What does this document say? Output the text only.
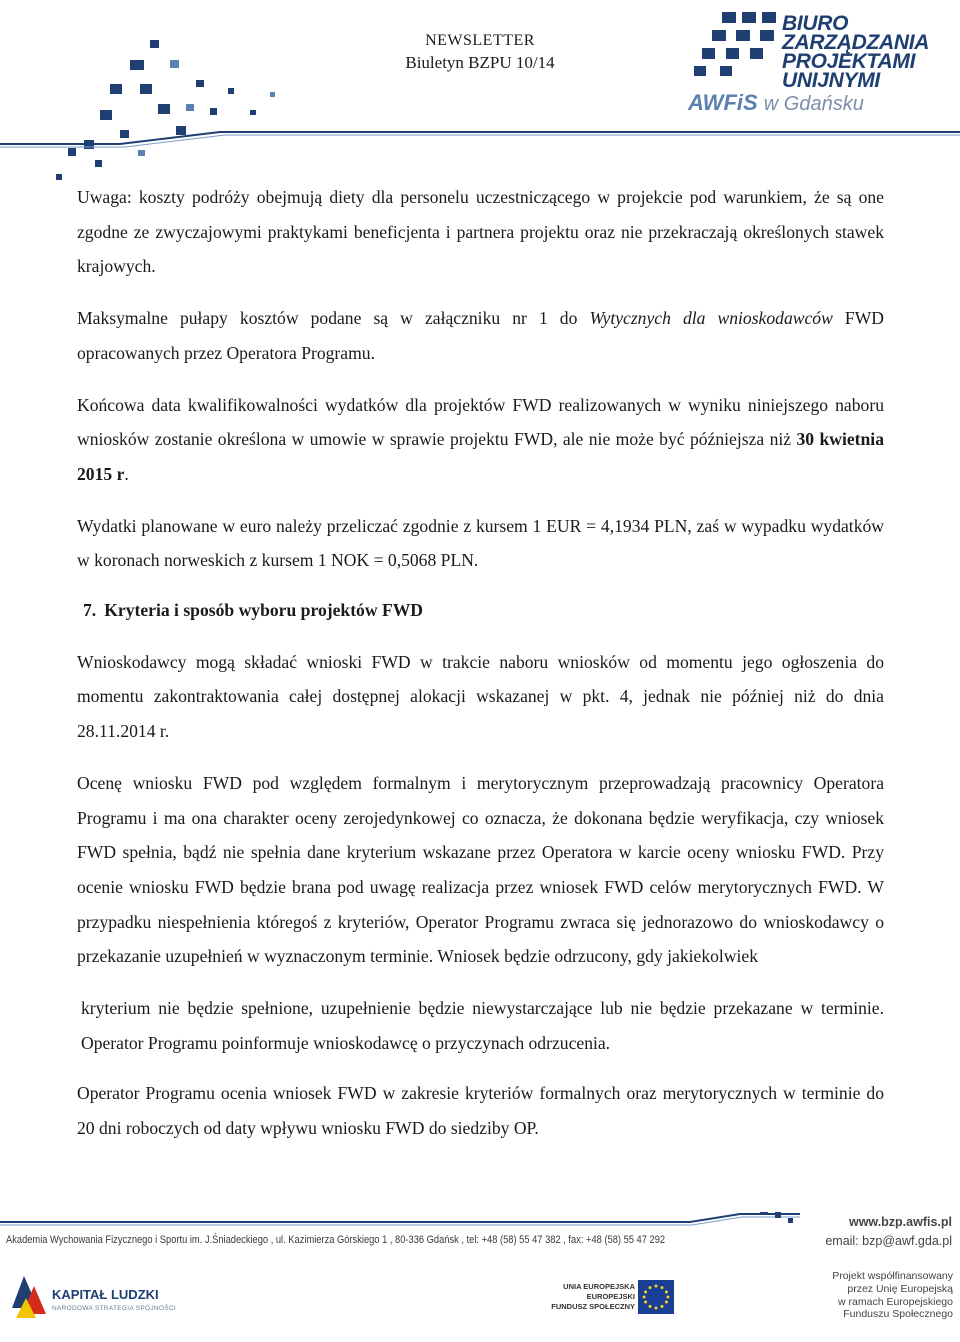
NEWSLETTER
Biuletyn BZPU 10/14
BIURO
ZARZĄDZANIA
PROJEKTAMI
UNIJNYMI
AWFiS w Gdańsku

Uwaga: koszty podróży obejmują diety dla personelu uczestniczącego w projekcie pod warunkiem, że są one zgodne ze zwyczajowymi praktykami beneficjenta i partnera projektu oraz nie przekraczają określonych stawek krajowych.

Maksymalne pułapy kosztów podane są w załączniku nr 1 do Wytycznych dla wnioskodawców FWD opracowanych przez Operatora Programu.

Końcowa data kwalifikowalności wydatków dla projektów FWD realizowanych w wyniku niniejszego naboru wniosków zostanie określona w umowie w sprawie projektu FWD, ale nie może być późniejsza niż 30 kwietnia 2015 r.

Wydatki planowane w euro należy przeliczać zgodnie z kursem 1 EUR = 4,1934 PLN, zaś w wypadku wydatków w koronach norweskich z kursem 1 NOK = 0,5068 PLN.

7. Kryteria i sposób wyboru projektów FWD

Wnioskodawcy mogą składać wnioski FWD w trakcie naboru wniosków od momentu jego ogłoszenia do momentu zakontraktowania całej dostępnej alokacji wskazanej w pkt. 4, jednak nie później niż do dnia 28.11.2014 r.

Ocenę wniosku FWD pod względem formalnym i merytorycznym przeprowadzają pracownicy Operatora Programu i ma ona charakter oceny zerojedynkowej co oznacza, że dokonana będzie weryfikacja, czy wniosek FWD spełnia, bądź nie spełnia dane kryterium wskazane przez Operatora w karcie oceny wniosku FWD. Przy ocenie wniosku FWD będzie brana pod uwagę realizacja przez wniosek FWD celów merytorycznych FWD. W przypadku niespełnienia któregoś z kryteriów, Operator Programu zwraca się jednorazowo do wnioskodawcy o przekazanie uzupełnień w wyznaczonym terminie. Wniosek będzie odrzucony, gdy jakiekolwiek

kryterium nie będzie spełnione, uzupełnienie będzie niewystarczające lub nie będzie przekazane w terminie. Operator Programu poinformuje wnioskodawcę o przyczynach odrzucenia.

Operator Programu ocenia wniosek FWD w zakresie kryteriów formalnych oraz merytorycznych w terminie do 20 dni roboczych od daty wpływu wniosku FWD do siedziby OP.

Akademia Wychowania Fizycznego i Sportu im. J.Śniadeckiego , ul. Kazimierza Górskiego 1 , 80-336 Gdańsk , tel: +48 (58) 55 47 382 , fax: +48 (58) 55 47 292
www.bzp.awfis.pl
email: bzp@awf.gda.pl
KAPITAŁ LUDZKI
NARODOWA STRATEGIA SPÓJNOŚCI
UNIA EUROPEJSKA
EUROPEJSKI
FUNDUSZ SPOŁECZNY
Projekt współfinansowany
przez Unię Europejską
w ramach Europejskiego
Funduszu Społecznego
